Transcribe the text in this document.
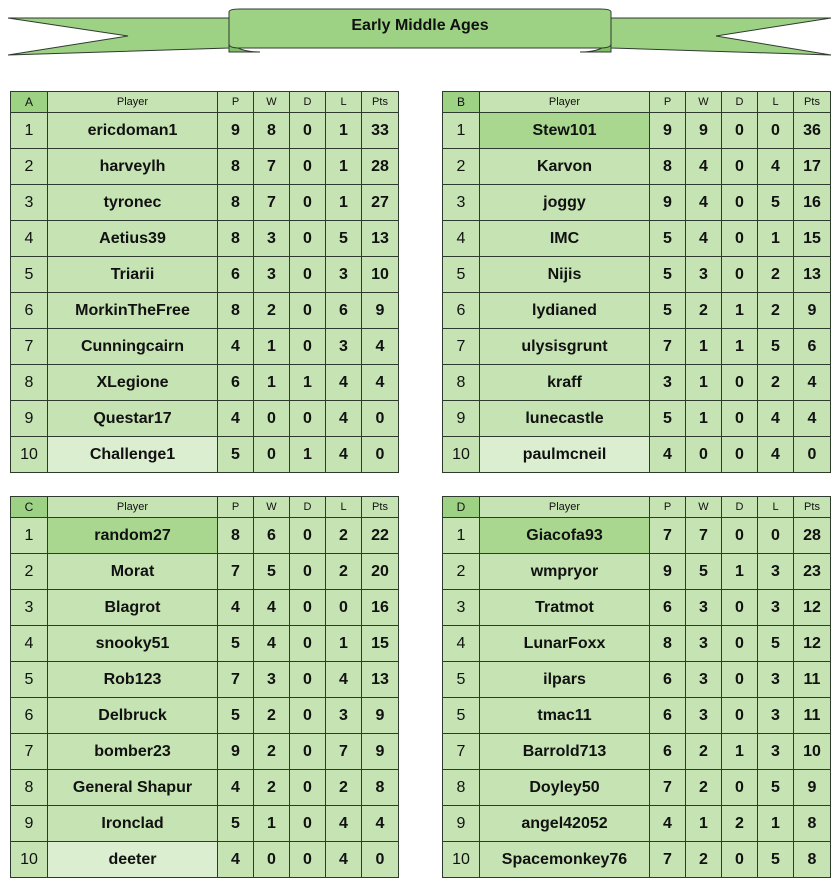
Early Middle Ages
A	Player	P	W	D	L	Pts
1	ericdoman1	9	8	0	1	33
2	harveylh	8	7	0	1	28
3	tyronec	8	7	0	1	27
4	Aetius39	8	3	0	5	13
5	Triarii	6	3	0	3	10
6	MorkinTheFree	8	2	0	6	9
7	Cunningcairn	4	1	0	3	4
8	XLegione	6	1	1	4	4
9	Questar17	4	0	0	4	0
10	Challenge1	5	0	1	4	0
B	Player	P	W	D	L	Pts
1	Stew101	9	9	0	0	36
2	Karvon	8	4	0	4	17
3	joggy	9	4	0	5	16
4	IMC	5	4	0	1	15
5	Nijis	5	3	0	2	13
6	lydianed	5	2	1	2	9
7	ulysisgrunt	7	1	1	5	6
8	kraff	3	1	0	2	4
9	lunecastle	5	1	0	4	4
10	paulmcneil	4	0	0	4	0
C	Player	P	W	D	L	Pts
1	random27	8	6	0	2	22
2	Morat	7	5	0	2	20
3	Blagrot	4	4	0	0	16
4	snooky51	5	4	0	1	15
5	Rob123	7	3	0	4	13
6	Delbruck	5	2	0	3	9
7	bomber23	9	2	0	7	9
8	General Shapur	4	2	0	2	8
9	Ironclad	5	1	0	4	4
10	deeter	4	0	0	4	0
D	Player	P	W	D	L	Pts
1	Giacofa93	7	7	0	0	28
2	wmpryor	9	5	1	3	23
3	Tratmot	6	3	0	3	12
4	LunarFoxx	8	3	0	5	12
5	ilpars	6	3	0	3	11
5	tmac11	6	3	0	3	11
7	Barrold713	6	2	1	3	10
8	Doyley50	7	2	0	5	9
9	angel42052	4	1	2	1	8
10	Spacemonkey76	7	2	0	5	8
